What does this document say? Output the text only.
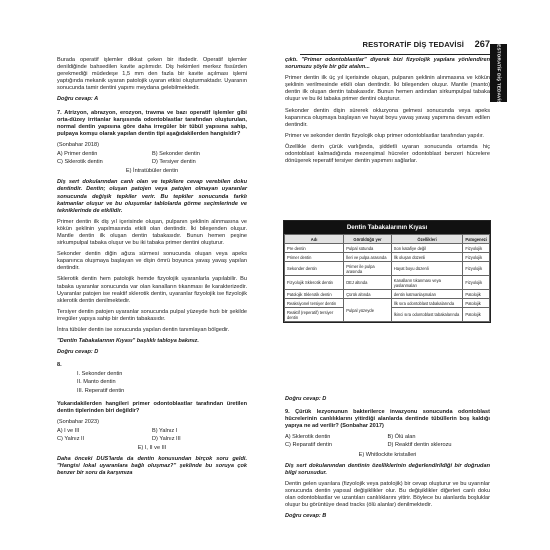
RESTORATİF DİŞ TEDAVİSİ 267 RESTORATİF DİŞ TEDAVİSİ

Burada operatif işlemler dikkat çeken bir ifadedir. Operatif işlemler denildiğinde bahsedilen kavite açılımıdır. Diş hekimleri merkez fissürden gerekmediği müdedeşe 1,5 mm den fazla bir kavite açılması işlemi yaptığında mekanik uyaran patolojik uyaran etkisi oluşturmaktadır. Uyaranın sonucunda tamir dentini yapımı meydana gelebilmektedir.

Doğru cevap: A

7. Atrizyon, abrazyon, erozyon, travma ve bazı operatif işlemler gibi orta-düzey irritanlar karşısında odontoblastlar tarafından oluşturulan, normal dentin yapısına göre daha irregüler bir tübül yapısına sahip, pulpaya komşu olarak yapılan dentin tipi aşağıdakilerden hangisidir?

(Sonbahar 2018)
A) Primer dentin	B) Sekonder dentin
C) Sklerotik dentin	D) Tersiyer dentin
E) İntratübüler dentin

Diş sert dokularından canlı olan ve tepkilere cevap verebilen doku dentindir. Dentin; oluşan patojen veya patojen olmayan uyaranlar sonucunda değişik tepkiler verir. Bu tepkiler sonucunda farklı katmanlar oluşur ve bu oluşumlar tablolarda görme seçimlerinde ve tekniklerinde de etkilidir.

Primer dentin ilk diş yıl içerisinde oluşan, pulpanın şeklinin alınmasına ve kökün şeklinin yapılmasında etkili olan dentindir. İki bileşenden oluşur. Mantle dentin ilk oluşan dentin tabakasıdır. Bunun hemen peşine sirkumpulpal tabaka oluşur ve bu iki tabaka primer dentini oluşturur.

Sekonder dentin diğin ağıza sürmesi sonucunda oluşan veya apeks kapanınca oluşmaya başlayan ve dişin ömrü boyunca yavaş yavaş yapılan dentindir.

Sklerotik dentin hem patolojik hemde fizyolojik uyaranlarla yapılabilir. Bu tabaka uyaranlar sonucunda var olan kanalların tıkanması ile karakterizedir. Uyaranlar patojen ise reaktif sklerotik dentin, uyaranlar fizyolojik ise fizyolojik sklerotik dentin denilmektedir.

Tersiyer dentin patojen uyaranlar sonucunda pulpal yüzeyde hızlı bir şekilde irregüler yapıya sahip bir dentin tabakasıdır.

İntra tübüler dentin ise sonucunda yapılan dentin tanımlayan bölgedir.

"Dentin Tabakalarının Kıyası" başlıklı tabloya bakınız.

Doğru cevap: D
8.
I. Sekonder dentin
II. Manto dentin
III. Reperatif dentin

Yukarıdakilerden hangileri primer odontoblastlar tarafından üretilen dentin tiplerinden biri değildir?

(Sonbahar 2023)
A) I ve III	B) Yalnız I
C) Yalnız II	D) Yalnız III
E) I, II ve III

Daha önceki DUS'larda da dentin konusundan birçok soru geldi. "Hangisi lokal uyaranlara bağlı oluşmaz?" şeklinde bu soruya çok benzer bir soru da karşımıza

çıktı. "Primer odontoblastlar" diyerek bizi fizyolojik yapılara yönlendiren sorumuzu şöyle bir göz atalım...

Primer dentin ilk üç yıl içerisinde oluşan, pulpanın şeklinin alınmasına ve kökün şeklinin verilmesinde etkili olan dentindir. İki bileşenden oluşur. Mantle (manto) dentin ilk oluşan dentin tabakasıdır. Bunun hemen ardından sirkumpulpal tabaka oluşur ve bu iki tabaka primer dentini oluşturur.

Sekonder dentin dişin sürerek okluzyona gelmesi sonucunda veya apeks kapanınca oluşmaya başlayan ve hayat boyu yavaş yavaş yapımına devam edilen dentindir.

Primer ve sekonder dentin fizyolojik olup primer odontoblastlar tarafından yapılır.

Özellikle derin çürük varlığında, şiddetli uyaran sonucunda ortamda hiç odontoblast kalmadığında mezenşimal hücreler odontoblast benzeri hücrelere dönüşerek reperatif tersiyer dentin yapımını sağlarlar.

Dentin Tabakalarının Kıyası
Adı	Görüldüğü yer	Özellikleri	Patogenezi
Pre dentin	Pulpal sütunda	Son katafiye değil	Fizyolojik
Primer dentin	İleri ve pulpa arasında	İlk oluşan düzenli	Fizyolojik
Sekonder dentin	Primer ile pulpa arasında	Hayat boyu düzenli	Fizyolojik
Fizyolojik Sklerotik dentin	DEJ altında	Kanalların tıkanması veya yaslanmaları	Fizyolojik
Patolojik Sklerotik dentin	Çürük altında	dentin katmanlaşmaları	Patolojik
Reaksiyonel tersiyer dentin	Pulpal yüzeyde	İlk sıra odontoblast tabakalarında	Patolojik
Reaktif (reperatif) tersiyer dentin		İkinci sıra odontoblast tabakalarında	Patolojik
Doğru cevap: D

9. Çürük lezyonunun bakterilerce invazyonu sonucunda odontoblast hücrelerinin canlılıklarını yitirdiği alanlarda dentinde tübüllerin boş kaldığı yapıya ne ad verilir? (Sonbahar 2017)

A) Sklerotik dentin	B) Ölü alan
C) Reparatif dentin	D) Reaktif dentin sklerozu
E) Whitlockite kristalleri

Diş sert dokulanından dentinin özelliklerinin değerlendirildiği bir doğrudan bilgi sorusudur.

Dentin gelen uyarılara (fizyolojik veya patolojik) bir cevap oluşturur ve bu uyarınlar sonucunda dentin yapısal değişiklikler olur. Bu değişiklikler diğerleri canlı doku olan odontoblastlar ve uzantıları canlılıklarını yitirir. Böylece bu alanlarda boşluklar oluşur bu görüntüye dead tracks (ölü alanlar) denilmektedir.

Doğru cevap: B
